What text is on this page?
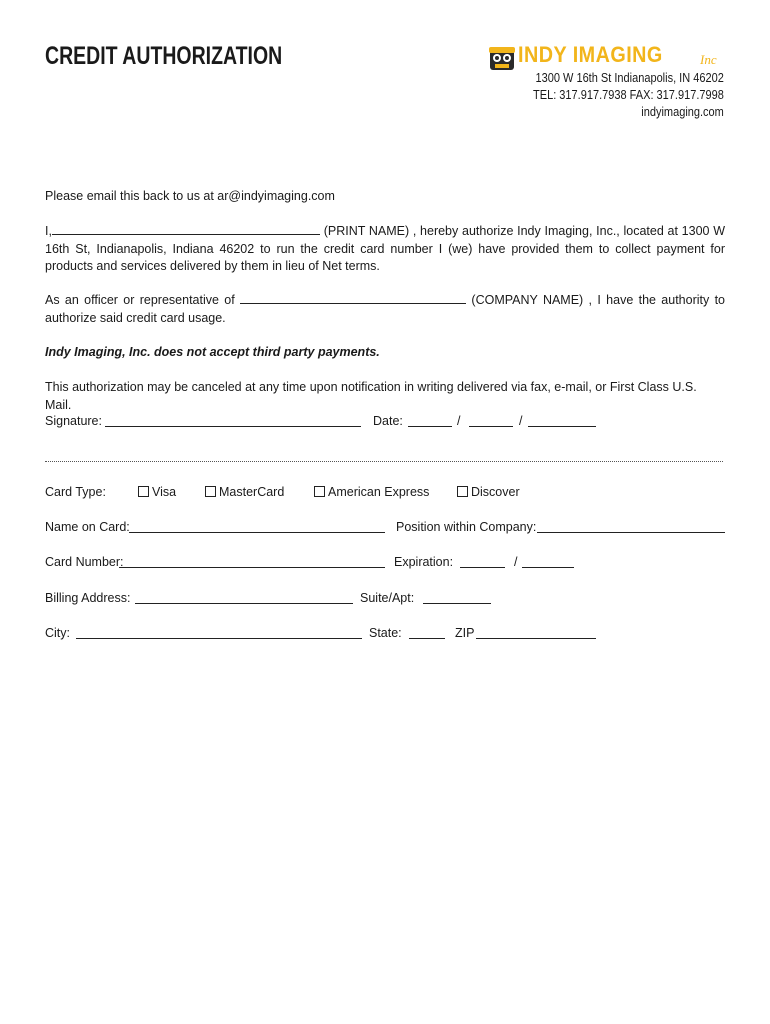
CREDIT AUTHORIZATION	INDY IMAGING	Inc
1300 W 16th St Indianapolis, IN 46202
TEL: 317.917.7938 FAX: 317.917.7998
indyimaging.com

Please email this back to us at ar@indyimaging.com

I,	(PRINT NAME) , hereby authorize Indy Imaging, Inc., located at 1300 W 16th St, Indianapolis, Indiana 46202 to run the credit card number I (we) have provided them to collect payment for products and services delivered by them in lieu of Net terms.

As an officer or representative of	(COMPANY NAME) , I have the authority to authorize said credit card usage.

Indy Imaging, Inc. does not accept third party payments.

This authorization may be canceled at any time upon notification in writing delivered via fax, e-mail, or First Class U.S. Mail.

Signature:	Date:	/	/
Card Type:	Visa	MasterCard	American Express	Discover
Name on Card:	Position within Company:
Card Number:	Expiration:	/
Billing Address:	Suite/Apt:
City:	State:	ZIP
